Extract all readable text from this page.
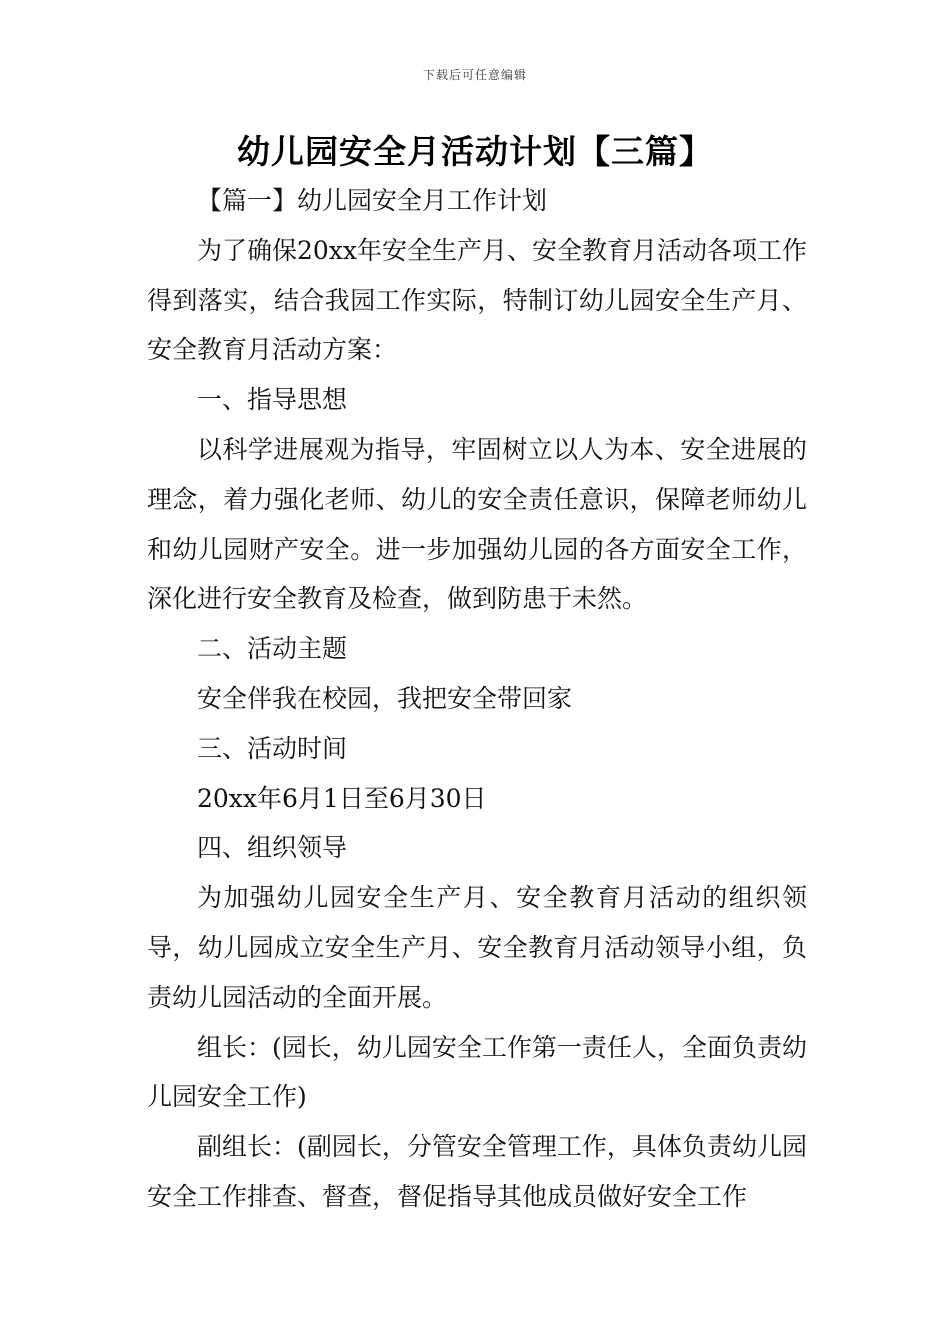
下载后可任意编辑
幼儿园安全月活动计划【三篇】

【篇一】幼儿园安全月工作计划

为了确保20xx年安全生产月、安全教育月活动各项工作得到落实，结合我园工作实际，特制订幼儿园安全生产月、安全教育月活动方案：

一、指导思想

以科学进展观为指导，牢固树立以人为本、安全进展的理念，着力强化老师、幼儿的安全责任意识，保障老师幼儿和幼儿园财产安全。进一步加强幼儿园的各方面安全工作，深化进行安全教育及检查，做到防患于未然。

二、活动主题

安全伴我在校园，我把安全带回家

三、活动时间

20xx年6月1日至6月30日

四、组织领导

为加强幼儿园安全生产月、安全教育月活动的组织领导，幼儿园成立安全生产月、安全教育月活动领导小组，负责幼儿园活动的全面开展。

组长：(园长，幼儿园安全工作第一责任人，全面负责幼儿园安全工作)

副组长：(副园长，分管安全管理工作，具体负责幼儿园安全工作排查、督查，督促指导其他成员做好安全工作
